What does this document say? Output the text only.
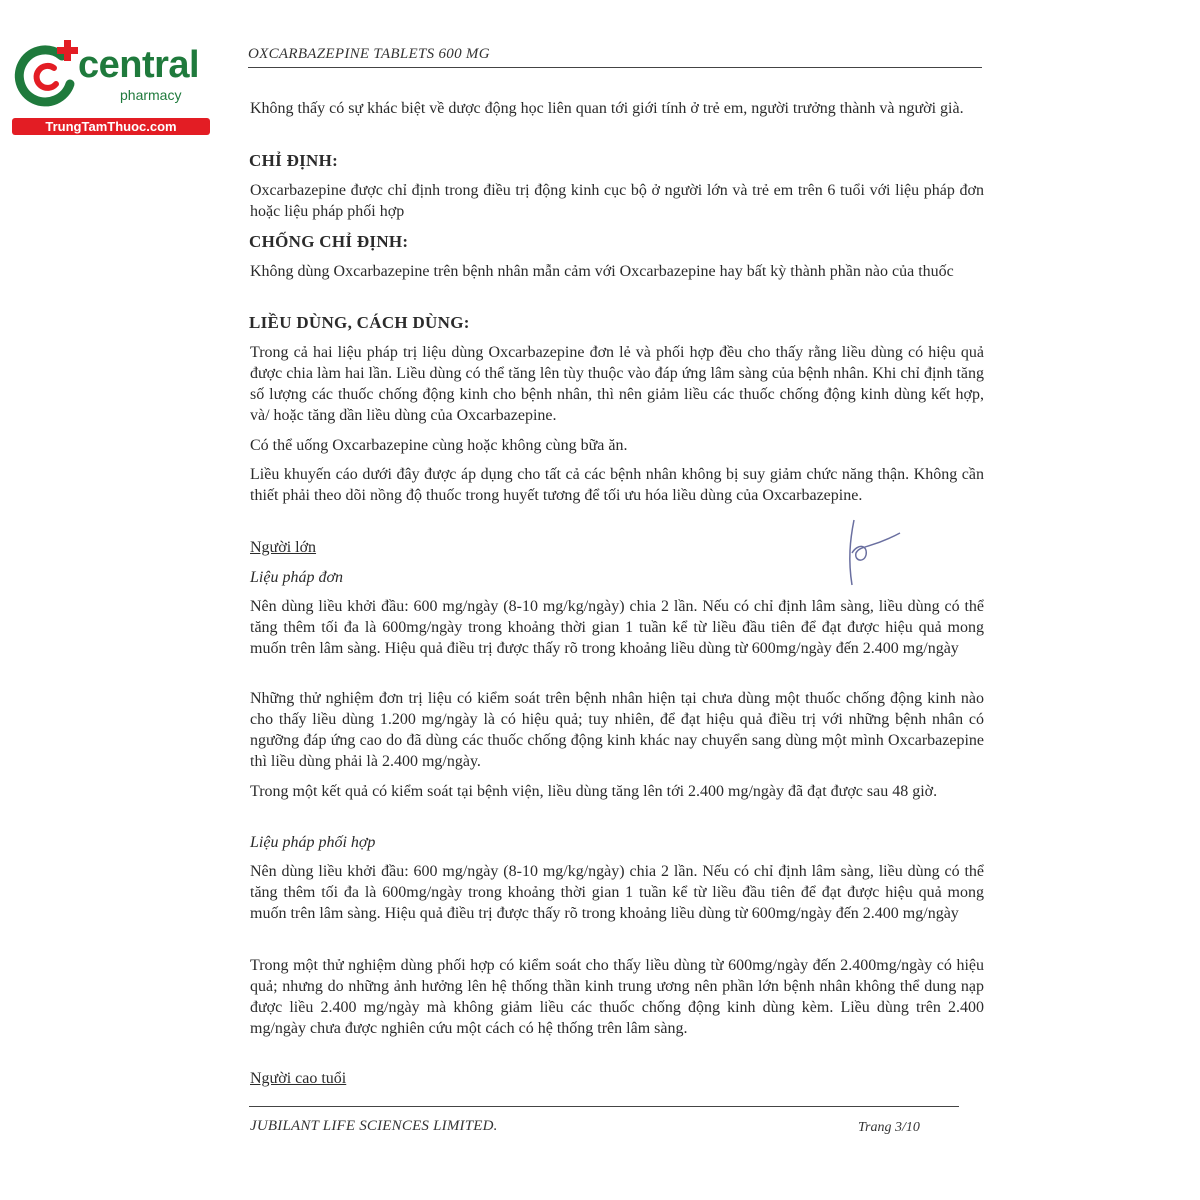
central
pharmacy
TrungTamThuoc.com
OXCARBAZEPINE TABLETS 600 MG

Không thấy có sự khác biệt về dược động học liên quan tới giới tính ở trẻ em, người trưởng thành và người già.

CHỈ ĐỊNH:

Oxcarbazepine được chỉ định trong điều trị động kinh cục bộ ở người lớn và trẻ em trên 6 tuổi với liệu pháp đơn hoặc liệu pháp phối hợp

CHỐNG CHỈ ĐỊNH:

Không dùng Oxcarbazepine trên bệnh nhân mẫn cảm với Oxcarbazepine hay bất kỳ thành phần nào của thuốc

LIỀU DÙNG, CÁCH DÙNG:

Trong cả hai liệu pháp trị liệu dùng Oxcarbazepine đơn lẻ và phối hợp đều cho thấy rằng liều dùng có hiệu quả được chia làm hai lần. Liều dùng có thể tăng lên tùy thuộc vào đáp ứng lâm sàng của bệnh nhân. Khi chỉ định tăng số lượng các thuốc chống động kinh cho bệnh nhân, thì nên giảm liều các thuốc chống động kinh dùng kết hợp, và/ hoặc tăng dần liều dùng của Oxcarbazepine.

Có thể uống Oxcarbazepine cùng hoặc không cùng bữa ăn.

Liều khuyến cáo dưới đây được áp dụng cho tất cả các bệnh nhân không bị suy giảm chức năng thận. Không cần thiết phải theo dõi nồng độ thuốc trong huyết tương để tối ưu hóa liều dùng của Oxcarbazepine.

Người lớn

Liệu pháp đơn

Nên dùng liều khởi đầu: 600 mg/ngày (8-10 mg/kg/ngày) chia 2 lần. Nếu có chỉ định lâm sàng, liều dùng có thể tăng thêm tối đa là 600mg/ngày trong khoảng thời gian 1 tuần kể từ liều đầu tiên để đạt được hiệu quả mong muốn trên lâm sàng. Hiệu quả điều trị được thấy rõ trong khoảng liều dùng từ 600mg/ngày đến 2.400 mg/ngày

Những thử nghiệm đơn trị liệu có kiểm soát trên bệnh nhân hiện tại chưa dùng một thuốc chống động kinh nào cho thấy liều dùng 1.200 mg/ngày là có hiệu quả; tuy nhiên, để đạt hiệu quả điều trị với những bệnh nhân có ngưỡng đáp ứng cao do đã dùng các thuốc chống động kinh khác nay chuyển sang dùng một mình Oxcarbazepine thì liều dùng phải là 2.400 mg/ngày.

Trong một kết quả có kiểm soát tại bệnh viện, liều dùng tăng lên tới 2.400 mg/ngày đã đạt được sau 48 giờ.

Liệu pháp phối hợp

Nên dùng liều khởi đầu: 600 mg/ngày (8-10 mg/kg/ngày) chia 2 lần. Nếu có chỉ định lâm sàng, liều dùng có thể tăng thêm tối đa là 600mg/ngày trong khoảng thời gian 1 tuần kể từ liều đầu tiên để đạt được hiệu quả mong muốn trên lâm sàng. Hiệu quả điều trị được thấy rõ trong khoảng liều dùng từ 600mg/ngày đến 2.400 mg/ngày

Trong một thử nghiệm dùng phối hợp có kiểm soát cho thấy liều dùng từ 600mg/ngày đến 2.400mg/ngày có hiệu quả; nhưng do những ảnh hưởng lên hệ thống thần kinh trung ương nên phần lớn bệnh nhân không thể dung nạp được liều 2.400 mg/ngày mà không giảm liều các thuốc chống động kinh dùng kèm. Liều dùng trên 2.400 mg/ngày chưa được nghiên cứu một cách có hệ thống trên lâm sàng.

Người cao tuổi

JUBILANT LIFE SCIENCES LIMITED.	Trang 3/10
